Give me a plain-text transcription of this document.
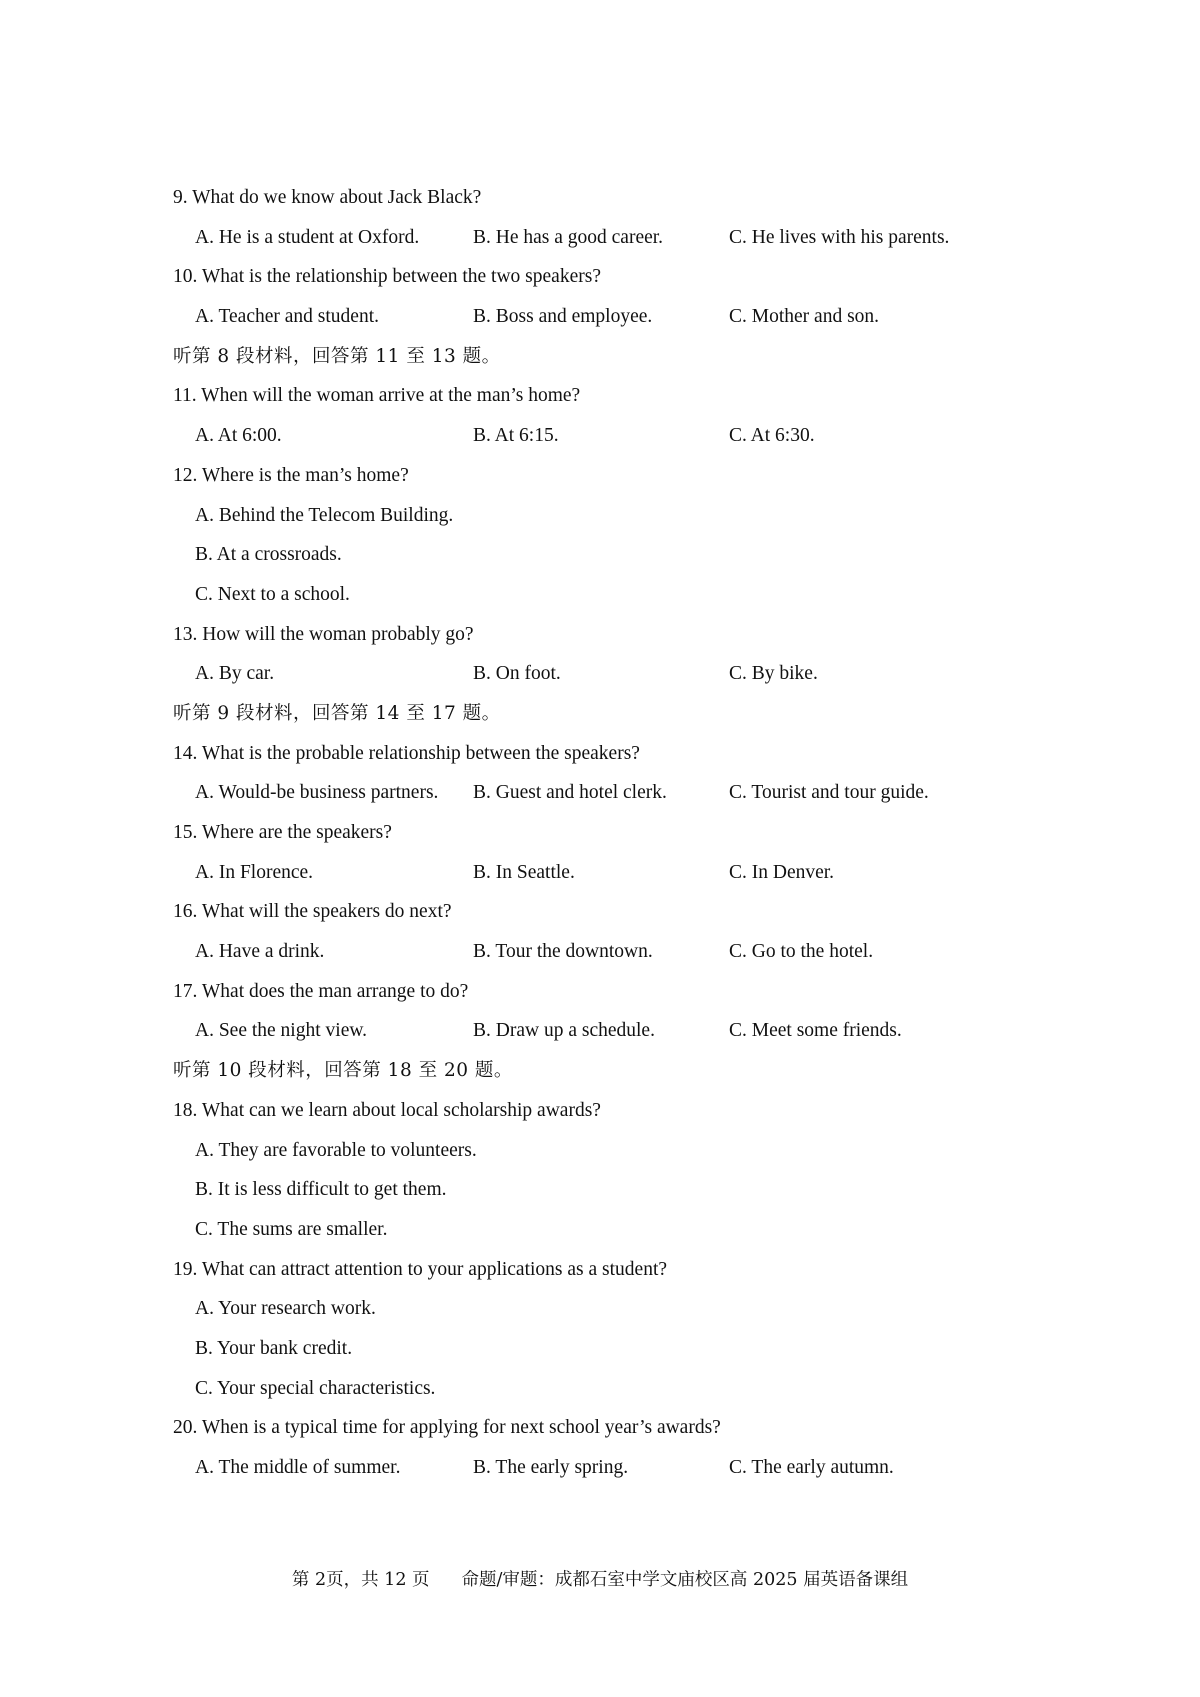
9. What do we know about Jack Black?
A. He is a student at Oxford.	B. He has a good career.	C. He lives with his parents.
10. What is the relationship between the two speakers?
A. Teacher and student.	B. Boss and employee.	C. Mother and son.
听第 8 段材料，回答第 11 至 13 题。
11. When will the woman arrive at the man’s home?
A. At 6:00.	B. At 6:15.	C. At 6:30.
12. Where is the man’s home?
A. Behind the Telecom Building.
B. At a crossroads.
C. Next to a school.
13. How will the woman probably go?
A. By car.	B. On foot.	C. By bike.
听第 9 段材料，回答第 14 至 17 题。
14. What is the probable relationship between the speakers?
A. Would-be business partners. B. Guest and hotel clerk.	C. Tourist and tour guide.
15. Where are the speakers?
A. In Florence.	B. In Seattle.	C. In Denver.
16. What will the speakers do next?
A. Have a drink.	B. Tour the downtown.	C. Go to the hotel.
17. What does the man arrange to do?
A. See the night view.	B. Draw up a schedule.	C. Meet some friends.
听第 10 段材料，回答第 18 至 20 题。
18. What can we learn about local scholarship awards?
A. They are favorable to volunteers.
B. It is less difficult to get them.
C. The sums are smaller.
19. What can attract attention to your applications as a student?
A. Your research work.
B. Your bank credit.
C. Your special characteristics.
20. When is a typical time for applying for next school year’s awards?
A. The middle of summer.	B. The early spring.	C. The early autumn.
第 2页，共 12 页 命题/审题：成都石室中学文庙校区高 2025 届英语备课组
